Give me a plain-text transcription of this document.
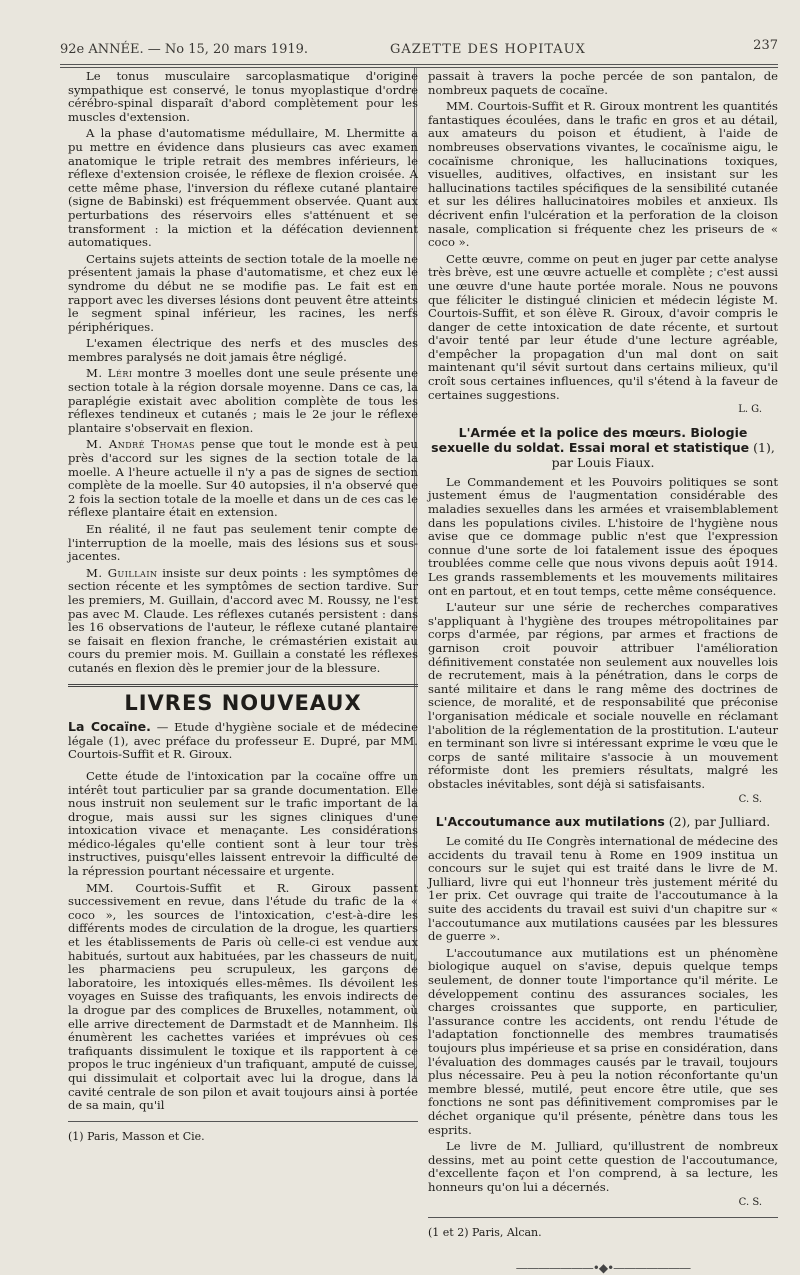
92e ANNÉE. — No 15, 20 mars 1919.	GAZETTE DES HOPITAUX	237

Le tonus musculaire sarcoplasmatique d'origine sympathique est conservé, le tonus myoplastique d'ordre cérébro-spinal disparaît d'abord complètement pour les muscles d'extension.

A la phase d'automatisme médullaire, M. Lhermitte a pu mettre en évidence dans plusieurs cas avec examen anatomique le triple retrait des membres inférieurs, le réflexe d'extension croisée, le réflexe de flexion croisée. A cette même phase, l'inversion du réflexe cutané plantaire (signe de Babinski) est fréquemment observée. Quant aux perturbations des réservoirs elles s'atténuent et se transforment : la miction et la défécation deviennent automatiques.

Certains sujets atteints de section totale de la moelle ne présentent jamais la phase d'automatisme, et chez eux le syndrome du début ne se modifie pas. Le fait est en rapport avec les diverses lésions dont peuvent être atteints le segment spinal inférieur, les racines, les nerfs périphériques.

L'examen électrique des nerfs et des muscles des membres paralysés ne doit jamais être négligé.

M. Léri montre 3 moelles dont une seule présente une section totale à la région dorsale moyenne. Dans ce cas, la paraplégie existait avec abolition complète de tous les réflexes tendineux et cutanés ; mais le 2e jour le réflexe plantaire s'observait en flexion.

M. André Thomas pense que tout le monde est à peu près d'accord sur les signes de la section totale de la moelle. A l'heure actuelle il n'y a pas de signes de section complète de la moelle. Sur 40 autopsies, il n'a observé que 2 fois la section totale de la moelle et dans un de ces cas le réflexe plantaire était en extension.

En réalité, il ne faut pas seulement tenir compte de l'interruption de la moelle, mais des lésions sus et sous-jacentes.

M. Guillain insiste sur deux points : les symptômes de section récente et les symptômes de section tardive. Sur les premiers, M. Guillain, d'accord avec M. Roussy, ne l'est pas avec M. Claude. Les réflexes cutanés persistent : dans les 16 observations de l'auteur, le réflexe cutané plantaire se faisait en flexion franche, le crémastérien existait au cours du premier mois. M. Guillain a constaté les réflexes cutanés en flexion dès le premier jour de la blessure.

LIVRES NOUVEAUX
La Cocaïne. — Etude d'hygiène sociale et de médecine légale (1), avec préface du professeur E. Dupré, par MM. Courtois-Suffit et R. Giroux.

Cette étude de l'intoxication par la cocaïne offre un intérêt tout particulier par sa grande documentation. Elle nous instruit non seulement sur le trafic important de la drogue, mais aussi sur les signes cliniques d'une intoxication vivace et menaçante. Les considérations médico-légales qu'elle contient sont à leur tour très instructives, puisqu'elles laissent entrevoir la difficulté de la répression pourtant nécessaire et urgente.

MM. Courtois-Suffit et R. Giroux passent successivement en revue, dans l'étude du trafic de la « coco », les sources de l'intoxication, c'est-à-dire les différents modes de circulation de la drogue, les quartiers et les établissements de Paris où celle-ci est vendue aux habitués, surtout aux habituées, par les chasseurs de nuit, les pharmaciens peu scrupuleux, les garçons de laboratoire, les intoxiqués elles-mêmes. Ils dévoilent les voyages en Suisse des trafiquants, les envois indirects de la drogue par des complices de Bruxelles, notamment, où elle arrive directement de Darmstadt et de Mannheim. Ils énumèrent les cachettes variées et imprévues où ces trafiquants dissimulent le toxique et ils rapportent à ce propos le truc ingénieux d'un trafiquant, amputé de cuisse, qui dissimulait et colportait avec lui la drogue, dans la cavité centrale de son pilon et avait toujours ainsi à portée de sa main, qu'il

(1) Paris, Masson et Cie.

passait à travers la poche percée de son pantalon, de nombreux paquets de cocaïne.

MM. Courtois-Suffit et R. Giroux montrent les quantités fantastiques écoulées, dans le trafic en gros et au détail, aux amateurs du poison et étudient, à l'aide de nombreuses observations vivantes, le cocaïnisme aigu, le cocaïnisme chronique, les hallucinations toxiques, visuelles, auditives, olfactives, en insistant sur les hallucinations tactiles spécifiques de la sensibilité cutanée et sur les délires hallucinatoires mobiles et anxieux. Ils décrivent enfin l'ulcération et la perforation de la cloison nasale, complication si fréquente chez les priseurs de « coco ».

Cette œuvre, comme on peut en juger par cette analyse très brève, est une œuvre actuelle et complète ; c'est aussi une œuvre d'une haute portée morale. Nous ne pouvons que féliciter le distingué clinicien et médecin légiste M. Courtois-Suffit, et son élève R. Giroux, d'avoir compris le danger de cette intoxication de date récente, et surtout d'avoir tenté par leur étude d'une lecture agréable, d'empêcher la propagation d'un mal dont on sait maintenant qu'il sévit surtout dans certains milieux, qu'il croît sous certaines influences, qu'il s'étend à la faveur de certaines suggestions.

L. G.
L'Armée et la police des mœurs. Biologie sexuelle du soldat. Essai moral et statistique (1), par Louis Fiaux.

Le Commandement et les Pouvoirs politiques se sont justement émus de l'augmentation considérable des maladies sexuelles dans les armées et vraisemblablement dans les populations civiles. L'histoire de l'hygiène nous avise que ce dommage public n'est que l'expression connue d'une sorte de loi fatalement issue des époques troublées comme celle que nous vivons depuis août 1914. Les grands rassemblements et les mouvements militaires ont en partout, et en tout temps, cette même conséquence.

L'auteur sur une série de recherches comparatives s'appliquant à l'hygiène des troupes métropolitaines par corps d'armée, par régions, par armes et fractions de garnison croit pouvoir attribuer l'amélioration définitivement constatée non seulement aux nouvelles lois de recrutement, mais à la pénétration, dans le corps de santé militaire et dans le rang même des doctrines de science, de moralité, et de responsabilité que préconise l'organisation médicale et sociale nouvelle en réclamant l'abolition de la réglementation de la prostitution. L'auteur en terminant son livre si intéressant exprime le vœu que le corps de santé militaire s'associe à un mouvement réformiste dont les premiers résultats, malgré les obstacles inévitables, sont déjà si satisfaisants.

C. S.
L'Accoutumance aux mutilations (2), par Julliard.

Le comité du IIe Congrès international de médecine des accidents du travail tenu à Rome en 1909 institua un concours sur le sujet qui est traité dans le livre de M. Julliard, livre qui eut l'honneur très justement mérité du 1er prix. Cet ouvrage qui traite de l'accoutumance à la suite des accidents du travail est suivi d'un chapitre sur « l'accoutumance aux mutilations causées par les blessures de guerre ».

L'accoutumance aux mutilations est un phénomène biologique auquel on s'avise, depuis quelque temps seulement, de donner toute l'importance qu'il mérite. Le développement continu des assurances sociales, les charges croissantes que supporte, en particulier, l'assurance contre les accidents, ont rendu l'étude de l'adaptation fonctionnelle des membres traumatisés toujours plus impérieuse et sa prise en considération, dans l'évaluation des dommages causés par le travail, toujours plus nécessaire. Peu à peu la notion réconfortante qu'un membre blessé, mutilé, peut encore être utile, que ses fonctions ne sont pas définitivement compromises par le déchet organique qu'il présente, pénètre dans tous les esprits.

Le livre de M. Julliard, qu'illustrent de nombreux dessins, met au point cette question de l'accoutumance, d'excellente façon et l'on comprend, à sa lecture, les honneurs qu'on lui a décernés.

C. S.
(1 et 2) Paris, Alcan.
———————•◆•———————
